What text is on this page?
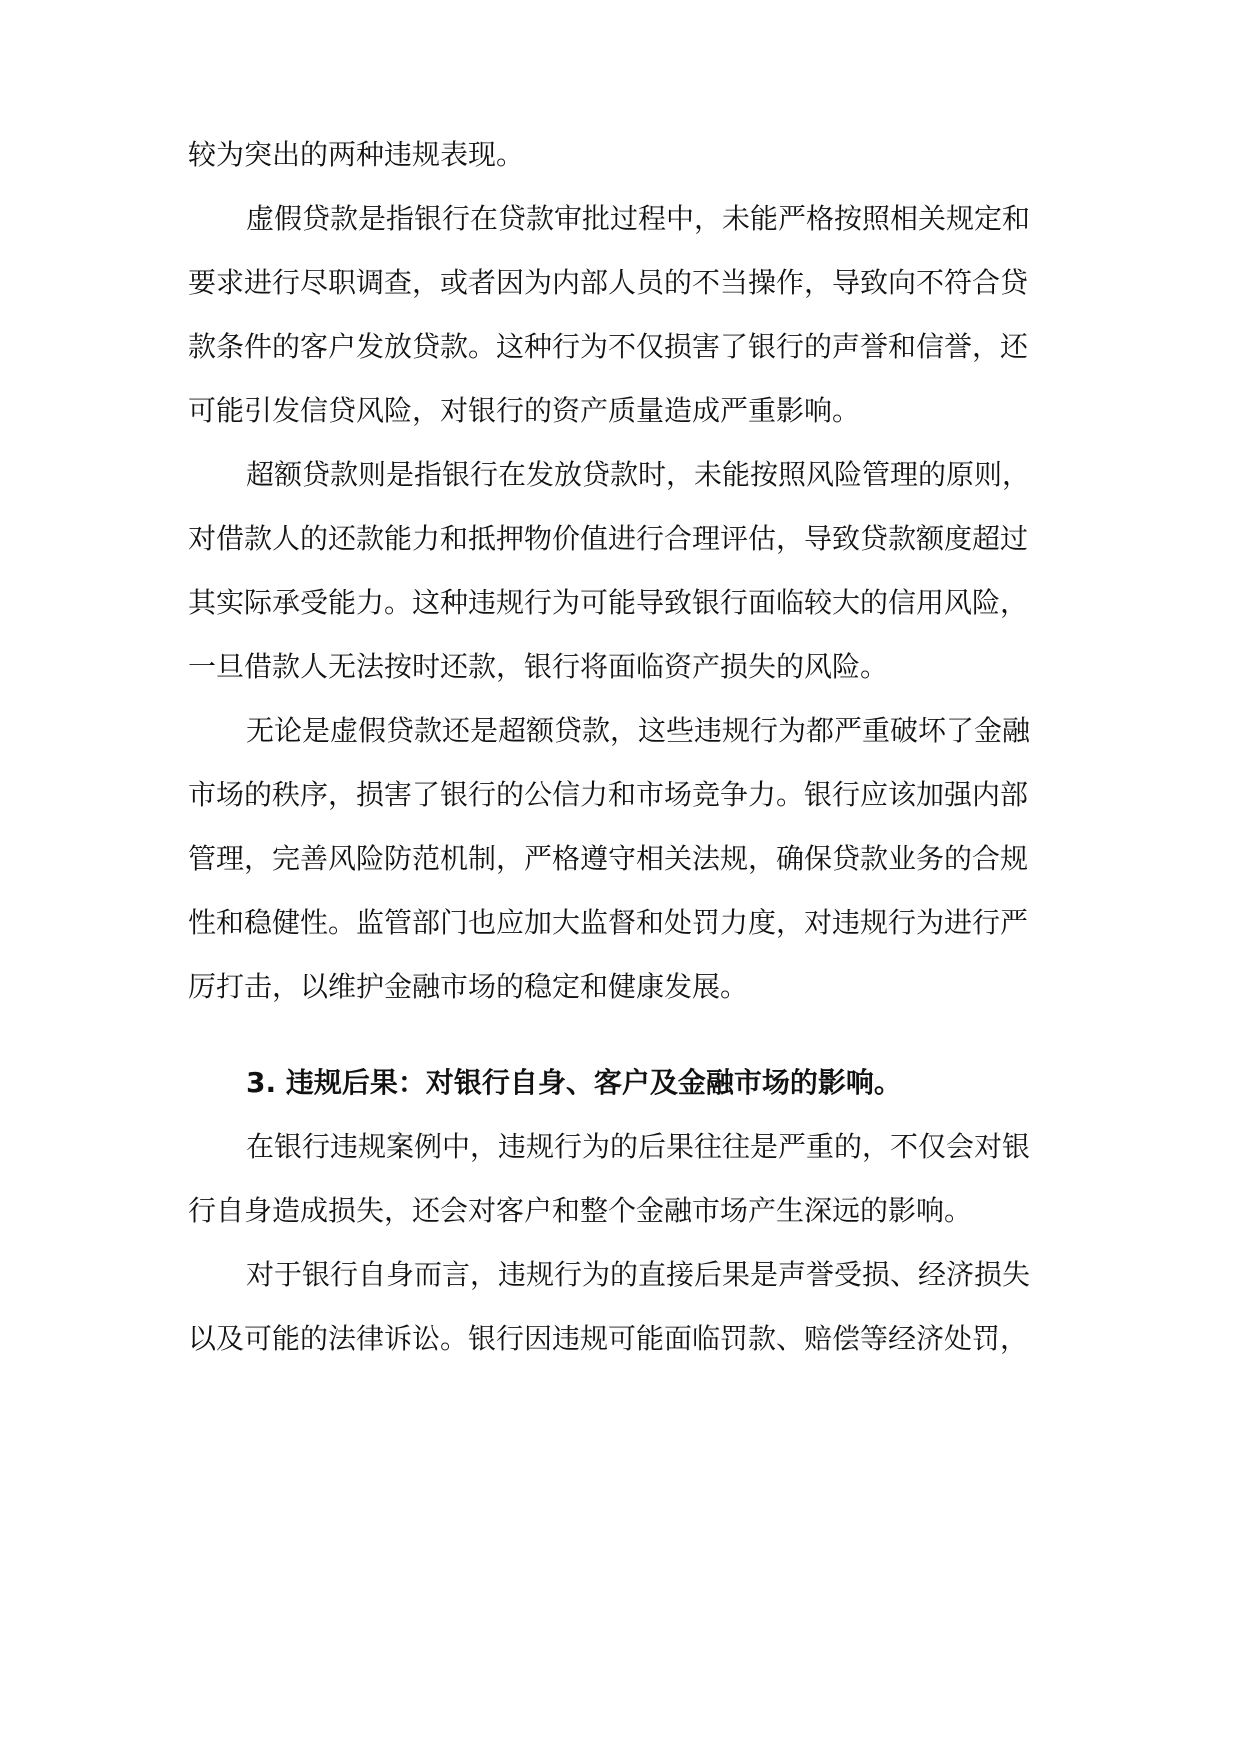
较为突出的两种违规表现。

虚假贷款是指银行在贷款审批过程中，未能严格按照相关规定和

要求进行尽职调查，或者因为内部人员的不当操作，导致向不符合贷

款条件的客户发放贷款。这种行为不仅损害了银行的声誉和信誉，还

可能引发信贷风险，对银行的资产质量造成严重影响。

超额贷款则是指银行在发放贷款时，未能按照风险管理的原则，

对借款人的还款能力和抵押物价值进行合理评估，导致贷款额度超过

其实际承受能力。这种违规行为可能导致银行面临较大的信用风险，

一旦借款人无法按时还款，银行将面临资产损失的风险。

无论是虚假贷款还是超额贷款，这些违规行为都严重破坏了金融

市场的秩序，损害了银行的公信力和市场竞争力。银行应该加强内部

管理，完善风险防范机制，严格遵守相关法规，确保贷款业务的合规

性和稳健性。监管部门也应加大监督和处罚力度，对违规行为进行严

厉打击，以维护金融市场的稳定和健康发展。

3. 违规后果：对银行自身、客户及金融市场的影响。

在银行违规案例中，违规行为的后果往往是严重的，不仅会对银

行自身造成损失，还会对客户和整个金融市场产生深远的影响。

对于银行自身而言，违规行为的直接后果是声誉受损、经济损失

以及可能的法律诉讼。银行因违规可能面临罚款、赔偿等经济处罚，
